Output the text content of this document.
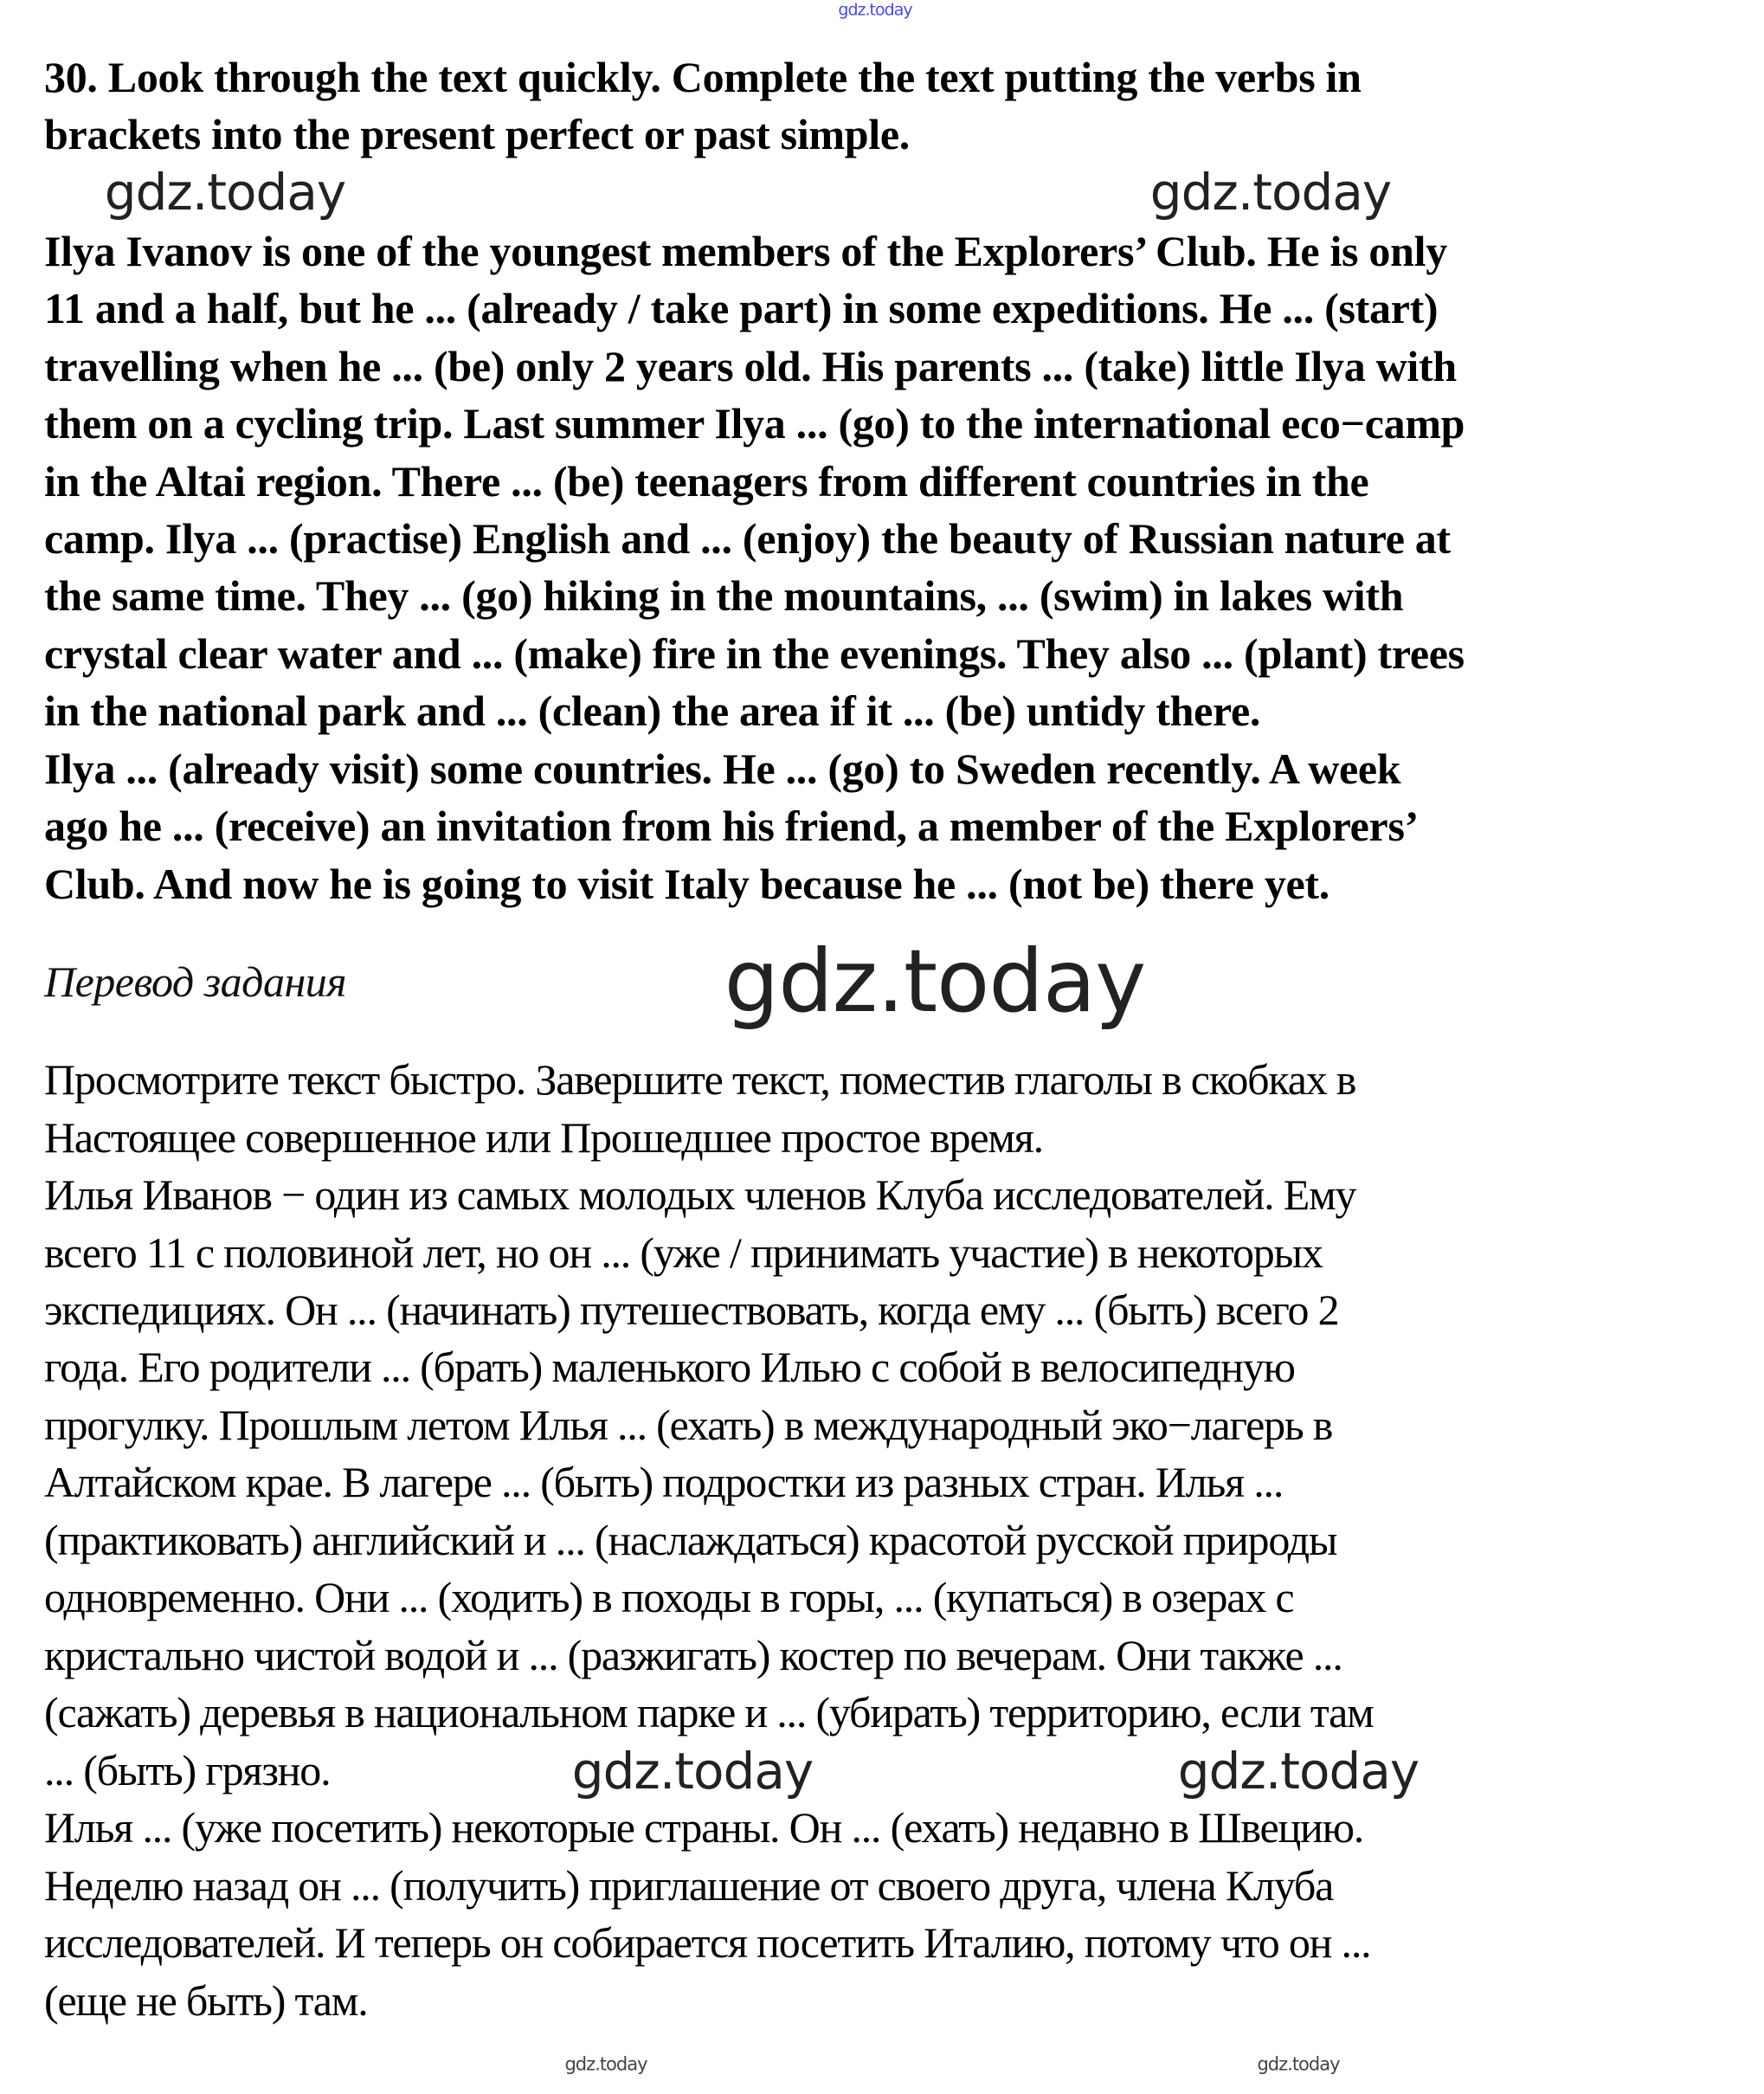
30. Look through the text quickly. Complete the text putting the verbs in
brackets into the present perfect or past simple.
Ilya Ivanov is one of the youngest members of the Explorers’ Club. He is only
11 and a half, but he ... (already / take part) in some expeditions. He ... (start)
travelling when he ... (be) only 2 years old. His parents ... (take) little Ilya with
them on a cycling trip. Last summer Ilya ... (go) to the international eco−camp
in the Altai region. There ... (be) teenagers from different countries in the
camp. Ilya ... (practise) English and ... (enjoy) the beauty of Russian nature at
the same time. They ... (go) hiking in the mountains, ... (swim) in lakes with
crystal clear water and ... (make) fire in the evenings. They also ... (plant) trees
in the national park and ... (clean) the area if it ... (be) untidy there.
Ilya ... (already visit) some countries. He ... (go) to Sweden recently. A week
ago he ... (receive) an invitation from his friend, a member of the Explorers’
Club. And now he is going to visit Italy because he ... (not be) there yet.
Перевод задания
Просмотрите текст быстро. Завершите текст, поместив глаголы в скобках в
Настоящее совершенное или Прошедшее простое время.
Илья Иванов − один из самых молодых членов Клуба исследователей. Ему
всего 11 с половиной лет, но он ... (уже / принимать участие) в некоторых
экспедициях. Он ... (начинать) путешествовать, когда ему ... (быть) всего 2
года. Его родители ... (брать) маленького Илью с собой в велосипедную
прогулку. Прошлым летом Илья ... (ехать) в международный эко−лагерь в
Алтайском крае. В лагере ... (быть) подростки из разных стран. Илья ...
(практиковать) английский и ... (наслаждаться) красотой русской природы
одновременно. Они ... (ходить) в походы в горы, ... (купаться) в озерах с
кристально чистой водой и ... (разжигать) костер по вечерам. Они также ...
(сажать) деревья в национальном парке и ... (убирать) территорию, если там
... (быть) грязно.
Илья ... (уже посетить) некоторые страны. Он ... (ехать) недавно в Швецию.
Неделю назад он ... (получить) приглашение от своего друга, члена Клуба
исследователей. И теперь он собирается посетить Италию, потому что он ...
(еще не быть) там.
gdz.today
gdz.today	gdz.today
gdz.today
gdz.today	gdz.today
gdz.today	gdz.today
